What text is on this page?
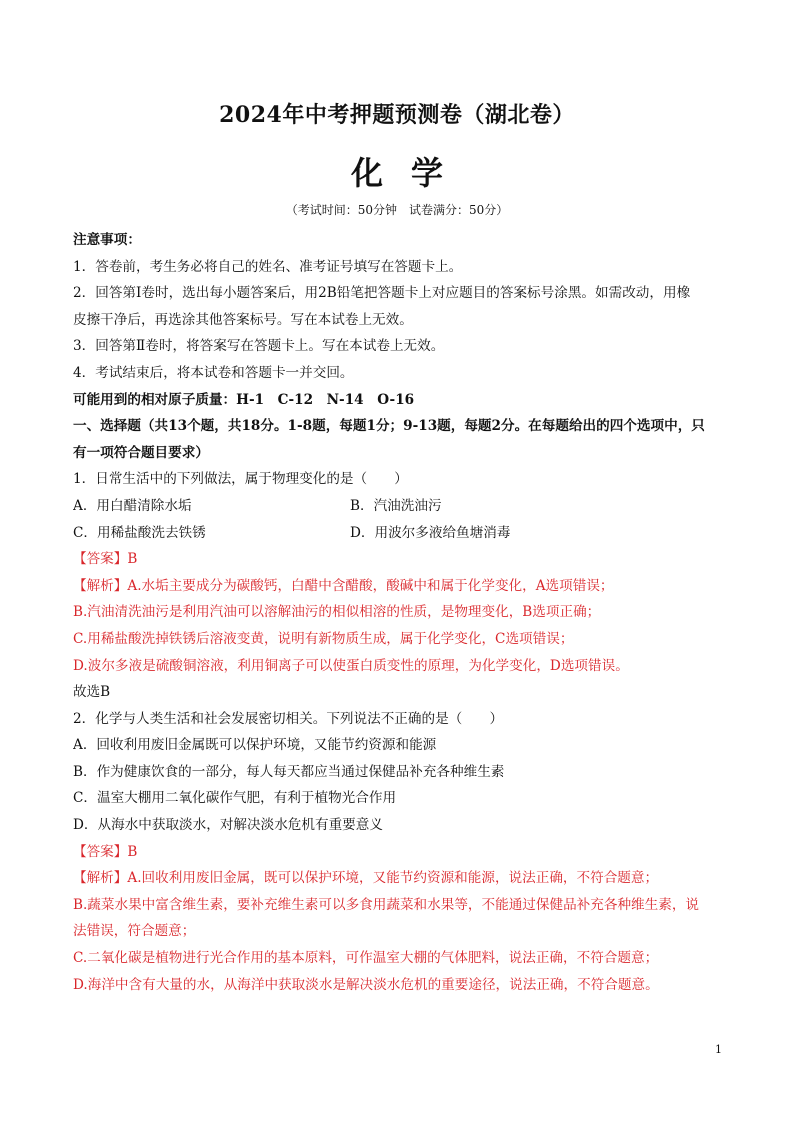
2024年中考押题预测卷（湖北卷）
化学
（考试时间：50分钟　试卷满分：50分）
注意事项：
1．答卷前，考生务必将自己的姓名、准考证号填写在答题卡上。
2．回答第Ⅰ卷时，选出每小题答案后，用2B铅笔把答题卡上对应题目的答案标号涂黑。如需改动，用橡
皮擦干净后，再选涂其他答案标号。写在本试卷上无效。
3．回答第Ⅱ卷时，将答案写在答题卡上。写在本试卷上无效。
4．考试结束后，将本试卷和答题卡一并交回。
可能用到的相对原子质量：H-1　C-12　N-14　O-16
一、选择题（共13个题，共18分。1-8题，每题1分；9-13题，每题2分。在每题给出的四个选项中，只
有一项符合题目要求）
1．日常生活中的下列做法，属于物理变化的是（　　）
A．用白醋清除水垢	B．汽油洗油污
C．用稀盐酸洗去铁锈	D．用波尔多液给鱼塘消毒
【答案】B
【解析】A.水垢主要成分为碳酸钙，白醋中含醋酸，酸碱中和属于化学变化，A选项错误；
B.汽油清洗油污是利用汽油可以溶解油污的相似相溶的性质，是物理变化，B选项正确；
C.用稀盐酸洗掉铁锈后溶液变黄，说明有新物质生成，属于化学变化，C选项错误；
D.波尔多液是硫酸铜溶液，利用铜离子可以使蛋白质变性的原理，为化学变化，D选项错误。
故选B
2．化学与人类生活和社会发展密切相关。下列说法不正确的是（　　）
A．回收利用废旧金属既可以保护环境，又能节约资源和能源
B．作为健康饮食的一部分，每人每天都应当通过保健品补充各种维生素
C．温室大棚用二氧化碳作气肥，有利于植物光合作用
D．从海水中获取淡水，对解决淡水危机有重要意义
【答案】B
【解析】A.回收利用废旧金属，既可以保护环境，又能节约资源和能源，说法正确，不符合题意；
B.蔬菜水果中富含维生素，要补充维生素可以多食用蔬菜和水果等，不能通过保健品补充各种维生素，说
法错误，符合题意；
C.二氧化碳是植物进行光合作用的基本原料，可作温室大棚的气体肥料，说法正确，不符合题意；
D.海洋中含有大量的水，从海洋中获取淡水是解决淡水危机的重要途径，说法正确，不符合题意。
1
